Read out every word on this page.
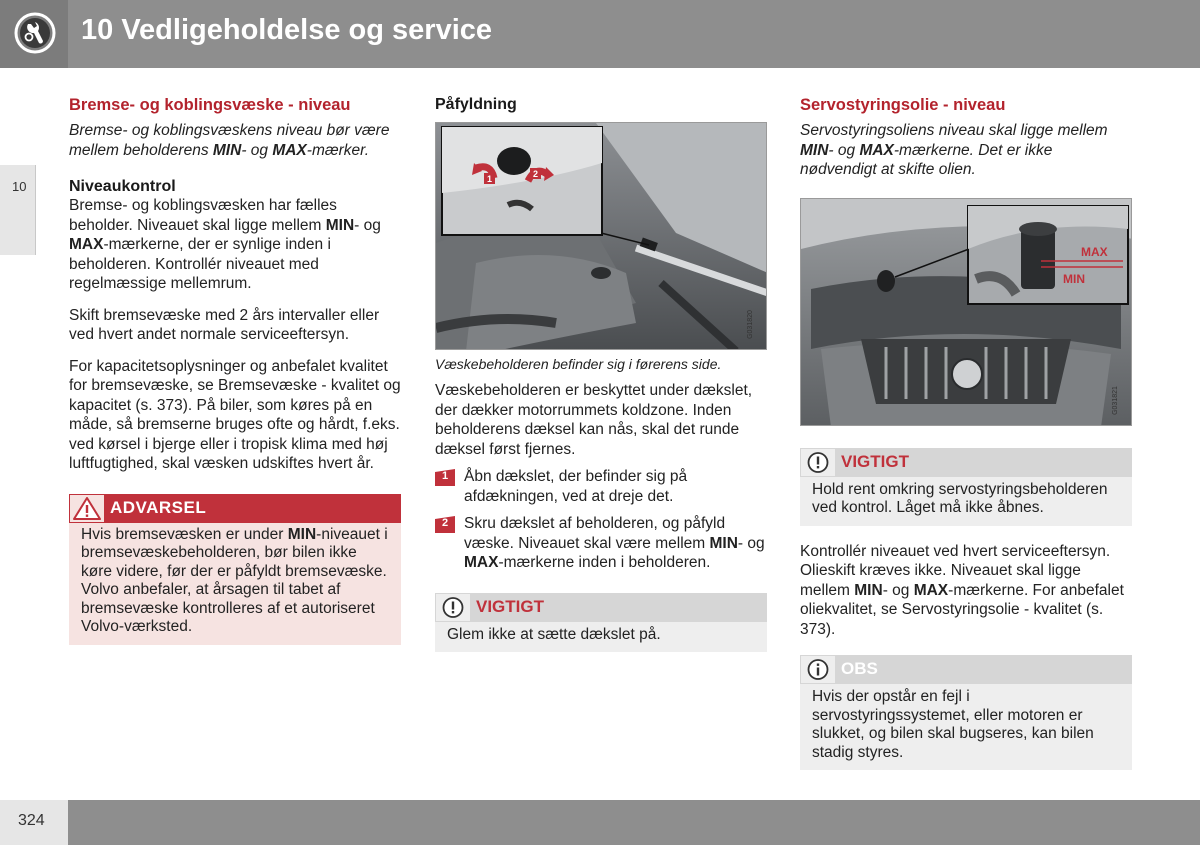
10 Vedligeholdelse og service
10
Bremse- og koblingsvæske - niveau

Bremse- og koblingsvæskens niveau bør være mellem beholderens MIN- og MAX-mærker.

Niveaukontrol

Bremse- og koblingsvæsken har fælles beholder. Niveauet skal ligge mellem MIN- og MAX-mærkerne, der er synlige inden i beholderen. Kontrollér niveauet med regelmæssige mellemrum.

Skift bremsevæske med 2 års intervaller eller ved hvert andet normale serviceeftersyn.

For kapacitetsoplysninger og anbefalet kvalitet for bremsevæske, se Bremsevæske - kvalitet og kapacitet (s. 373). På biler, som køres på en måde, så bremserne bruges ofte og hårdt, f.eks. ved kørsel i bjerge eller i tropisk klima med høj luftfugtighed, skal væsken udskiftes hvert år.

ADVARSEL

Hvis bremsevæsken er under MIN-niveauet i bremsevæskebeholderen, bør bilen ikke køre videre, før der er påfyldt bremsevæske. Volvo anbefaler, at årsagen til tabet af bremsevæske kontrolleres af et autoriseret Volvo-værksted.

Påfyldning
1	2
G031820
Væskebeholderen befinder sig i førerens side.

Væskebeholderen er beskyttet under dækslet, der dækker motorrummets koldzone. Inden beholderens dæksel kan nås, skal det runde dæksel først fjernes.

1 Åbn dækslet, der befinder sig på afdækningen, ved at dreje det.

2 Skru dækslet af beholderen, og påfyld væske. Niveauet skal være mellem MIN- og MAX-mærkerne inden i beholderen.

VIGTIGT

Glem ikke at sætte dækslet på.

Servostyringsolie - niveau

Servostyringsoliens niveau skal ligge mellem MIN- og MAX-mærkerne. Det er ikke nødvendigt at skifte olien.

MAX
MIN
G031821
VIGTIGT

Hold rent omkring servostyringsbeholderen ved kontrol. Låget må ikke åbnes.

Kontrollér niveauet ved hvert serviceeftersyn. Olieskift kræves ikke. Niveauet skal ligge mellem MIN- og MAX-mærkerne. For anbefalet oliekvalitet, se Servostyringsolie - kvalitet (s. 373).

OBS

Hvis der opstår en fejl i servostyringssystemet, eller motoren er slukket, og bilen skal bugseres, kan bilen stadig styres.

324
